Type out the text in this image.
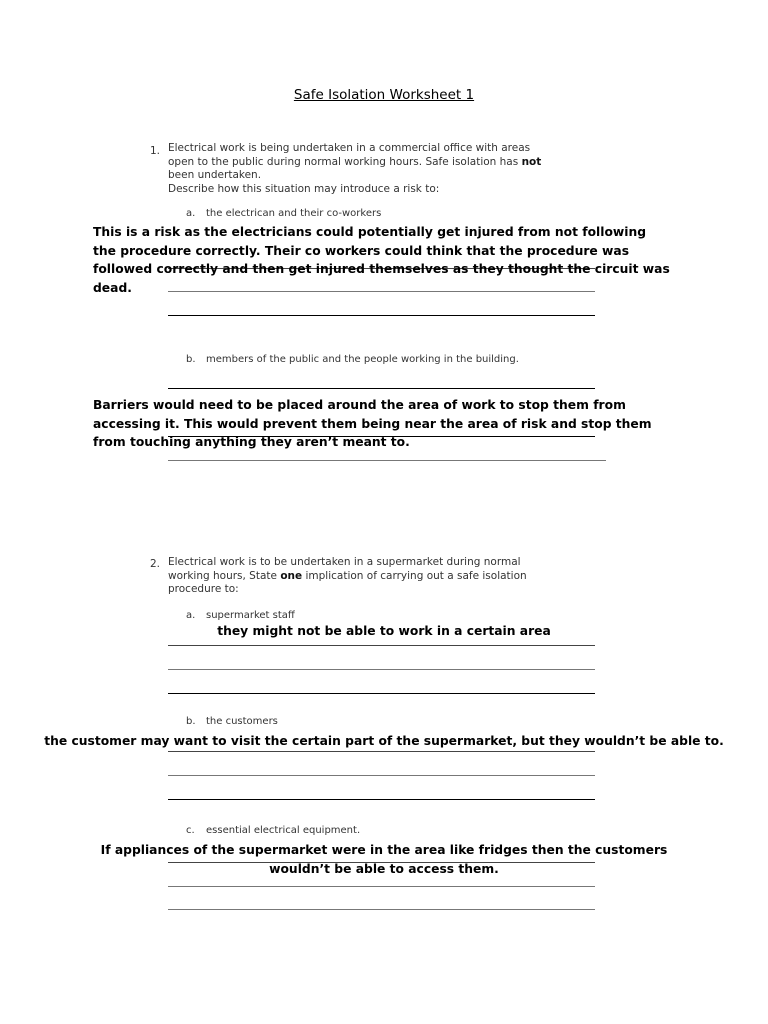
Safe Isolation Worksheet 1
1. Electrical work is being undertaken in a commercial office with areas
open to the public during normal working hours. Safe isolation has not
been undertaken.
Describe how this situation may introduce a risk to:
a. the electrican and their co-workers
This is a risk as the electricians could potentially get injured from not following the procedure correctly. Their co workers could think that the procedure was followed correctly and then get injured themselves as they thought the circuit was dead.
b. members of the public and the people working in the building.
Barriers would need to be placed around the area of work to stop them from accessing it. This would prevent them being near the area of risk and stop them from touching anything they aren’t meant to.
2. Electrical work is to be undertaken in a supermarket during normal
working hours, State one implication of carrying out a safe isolation
procedure to:
a. supermarket staff
they might not be able to work in a certain area
b. the customers
the customer may want to visit the certain part of the supermarket, but they wouldn’t be able to.
c. essential electrical equipment.
If appliances of the supermarket were in the area like fridges then the customers wouldn’t be able to access them.
